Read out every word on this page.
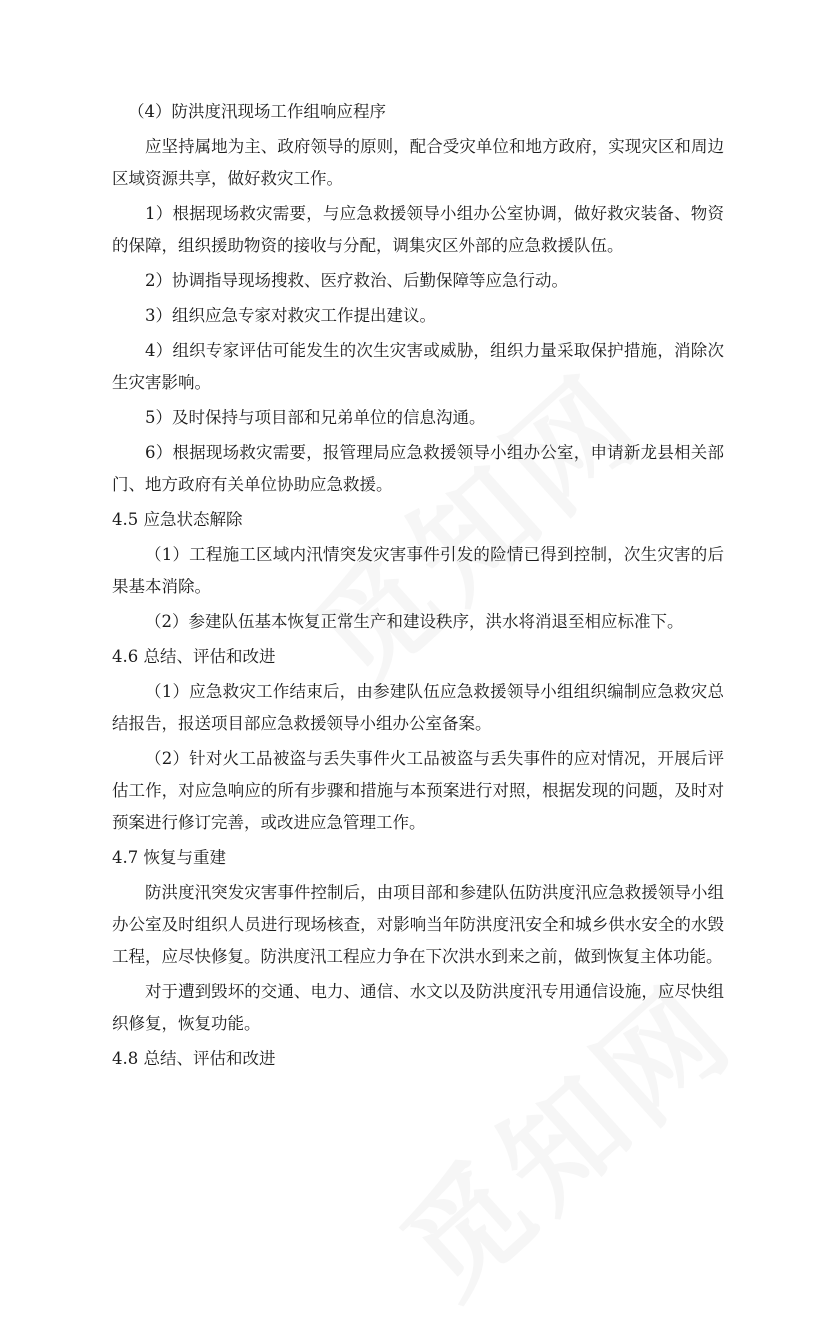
（4）防洪度汛现场工作组响应程序

应坚持属地为主、政府领导的原则，配合受灾单位和地方政府，实现灾区和周边区域资源共享，做好救灾工作。

1）根据现场救灾需要，与应急救援领导小组办公室协调，做好救灾装备、物资的保障，组织援助物资的接收与分配，调集灾区外部的应急救援队伍。

2）协调指导现场搜救、医疗救治、后勤保障等应急行动。

3）组织应急专家对救灾工作提出建议。

4）组织专家评估可能发生的次生灾害或威胁，组织力量采取保护措施，消除次生灾害影响。

5）及时保持与项目部和兄弟单位的信息沟通。

6）根据现场救灾需要，报管理局应急救援领导小组办公室，申请新龙县相关部门、地方政府有关单位协助应急救援。

4.5 应急状态解除

（1）工程施工区域内汛情突发灾害事件引发的险情已得到控制，次生灾害的后果基本消除。

（2）参建队伍基本恢复正常生产和建设秩序，洪水将消退至相应标准下。

4.6 总结、评估和改进

（1）应急救灾工作结束后，由参建队伍应急救援领导小组组织编制应急救灾总结报告，报送项目部应急救援领导小组办公室备案。

（2）针对火工品被盗与丢失事件火工品被盗与丢失事件的应对情况，开展后评估工作，对应急响应的所有步骤和措施与本预案进行对照，根据发现的问题，及时对预案进行修订完善，或改进应急管理工作。

4.7 恢复与重建

防洪度汛突发灾害事件控制后，由项目部和参建队伍防洪度汛应急救援领导小组办公室及时组织人员进行现场核查，对影响当年防洪度汛安全和城乡供水安全的水毁工程，应尽快修复。防洪度汛工程应力争在下次洪水到来之前，做到恢复主体功能。

对于遭到毁坏的交通、电力、通信、水文以及防洪度汛专用通信设施，应尽快组织修复，恢复功能。

4.8 总结、评估和改进
